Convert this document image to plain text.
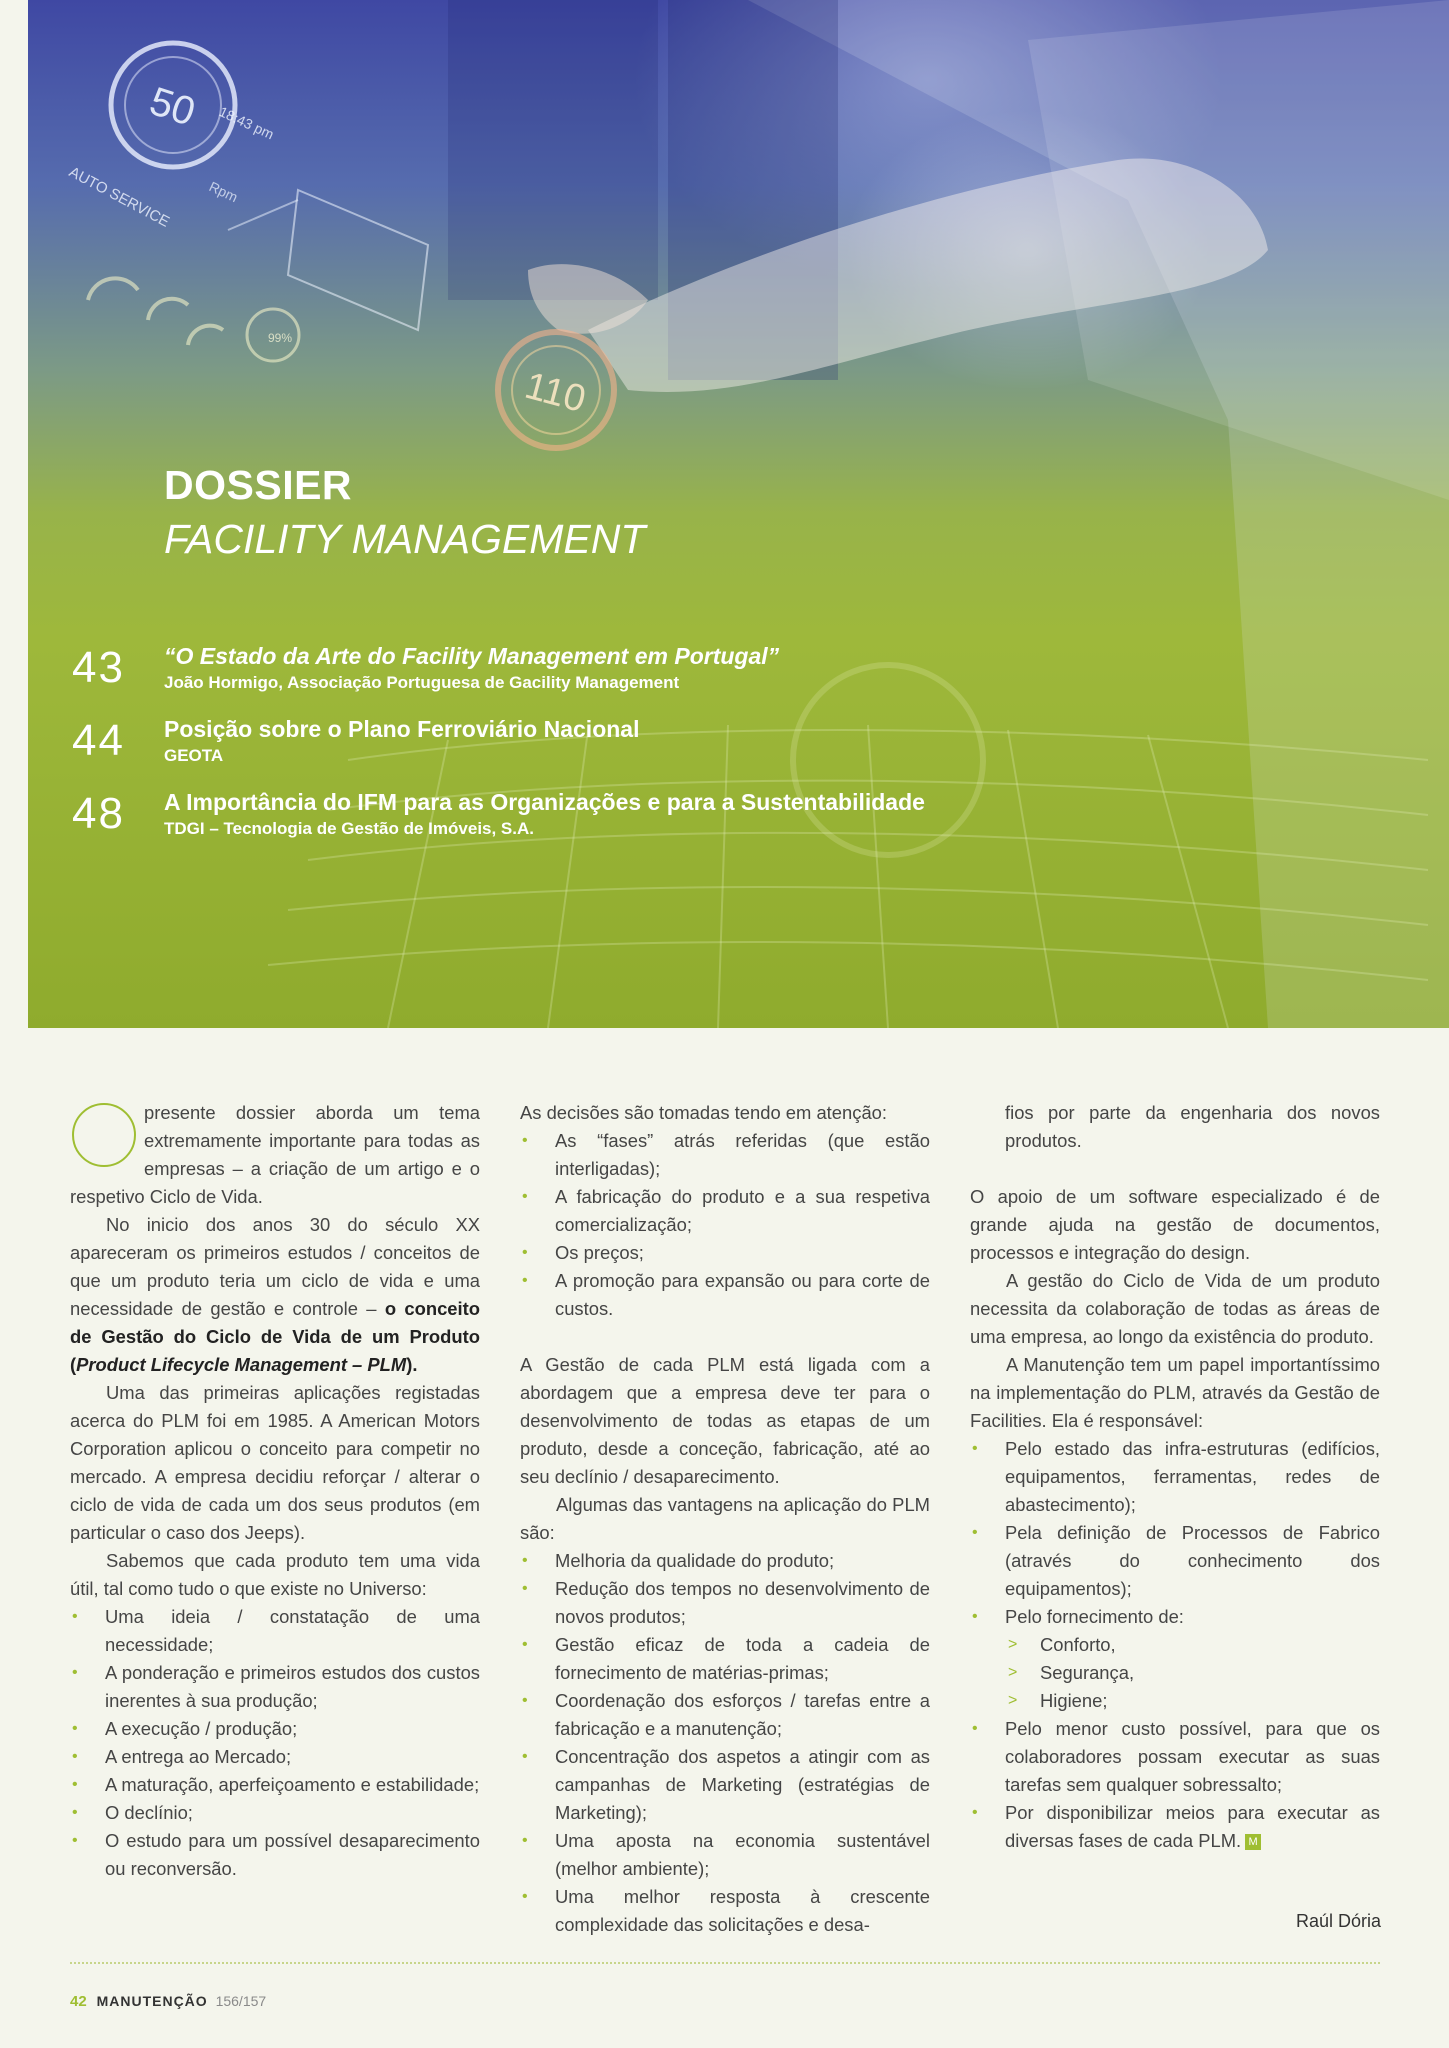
50 18:43 pm
Rpm
AUTO SERVICE
99%
110
DOSSIER
FACILITY MANAGEMENT
43 “O Estado da Arte do Facility Management em Portugal”
João Hormigo, Associação Portuguesa de Gacility Management
44 Posição sobre o Plano Ferroviário Nacional
GEOTA
48 A Importância do IFM para as Organizações e para a Sustentabilidade
TDGI – Tecnologia de Gestão de Imóveis, S.A.

presente dossier aborda um tema extremamente importante para todas as empresas – a criação de um artigo e o respetivo Ciclo de Vida.

No inicio dos anos 30 do século XX apareceram os primeiros estudos / conceitos de que um produto teria um ciclo de vida e uma necessidade de gestão e controle – o conceito de Gestão do Ciclo de Vida de um Produto (Product Lifecycle Management – PLM).

Uma das primeiras aplicações registadas acerca do PLM foi em 1985. A American Motors Corporation aplicou o conceito para competir no mercado. A empresa decidiu reforçar / alterar o ciclo de vida de cada um dos seus produtos (em particular o caso dos Jeeps).

Sabemos que cada produto tem uma vida útil, tal como tudo o que existe no Universo:

• Uma ideia / constatação de uma necessidade;
• A ponderação e primeiros estudos dos custos inerentes à sua produção;
• A execução / produção;
• A entrega ao Mercado;
• A maturação, aperfeiçoamento e estabilidade;
• O declínio;
• O estudo para um possível desaparecimento ou reconversão.

As decisões são tomadas tendo em atenção:

• As “fases” atrás referidas (que estão interligadas);
• A fabricação do produto e a sua respetiva comercialização;
• Os preços;
• A promoção para expansão ou para corte de custos.

A Gestão de cada PLM está ligada com a abordagem que a empresa deve ter para o desenvolvimento de todas as etapas de um produto, desde a conceção, fabricação, até ao seu declínio / desaparecimento.

Algumas das vantagens na aplicação do PLM são:

• Melhoria da qualidade do produto;
• Redução dos tempos no desenvolvimento de novos produtos;
• Gestão eficaz de toda a cadeia de fornecimento de matérias-primas;
• Coordenação dos esforços / tarefas entre a fabricação e a manutenção;
• Concentração dos aspetos a atingir com as campanhas de Marketing (estratégias de Marketing);
• Uma aposta na economia sustentável (melhor ambiente);
• Uma melhor resposta à crescente complexidade das solicitações e desa-

fios por parte da engenharia dos novos produtos.

O apoio de um software especializado é de grande ajuda na gestão de documentos, processos e integração do design.

A gestão do Ciclo de Vida de um produto necessita da colaboração de todas as áreas de uma empresa, ao longo da existência do produto.

A Manutenção tem um papel importantíssimo na implementação do PLM, através da Gestão de Facilities. Ela é responsável:

• Pelo estado das infra-estruturas (edifícios, equipamentos, ferramentas, redes de abastecimento);
• Pela definição de Processos de Fabrico (através do conhecimento dos equipamentos);
• Pelo fornecimento de:
> Conforto,
> Segurança,
> Higiene;
• Pelo menor custo possível, para que os colaboradores possam executar as suas tarefas sem qualquer sobressalto;
• Por disponibilizar meios para executar as diversas fases de cada PLM. M
Raúl Dória
42 MANUTENÇÃO 156/157
